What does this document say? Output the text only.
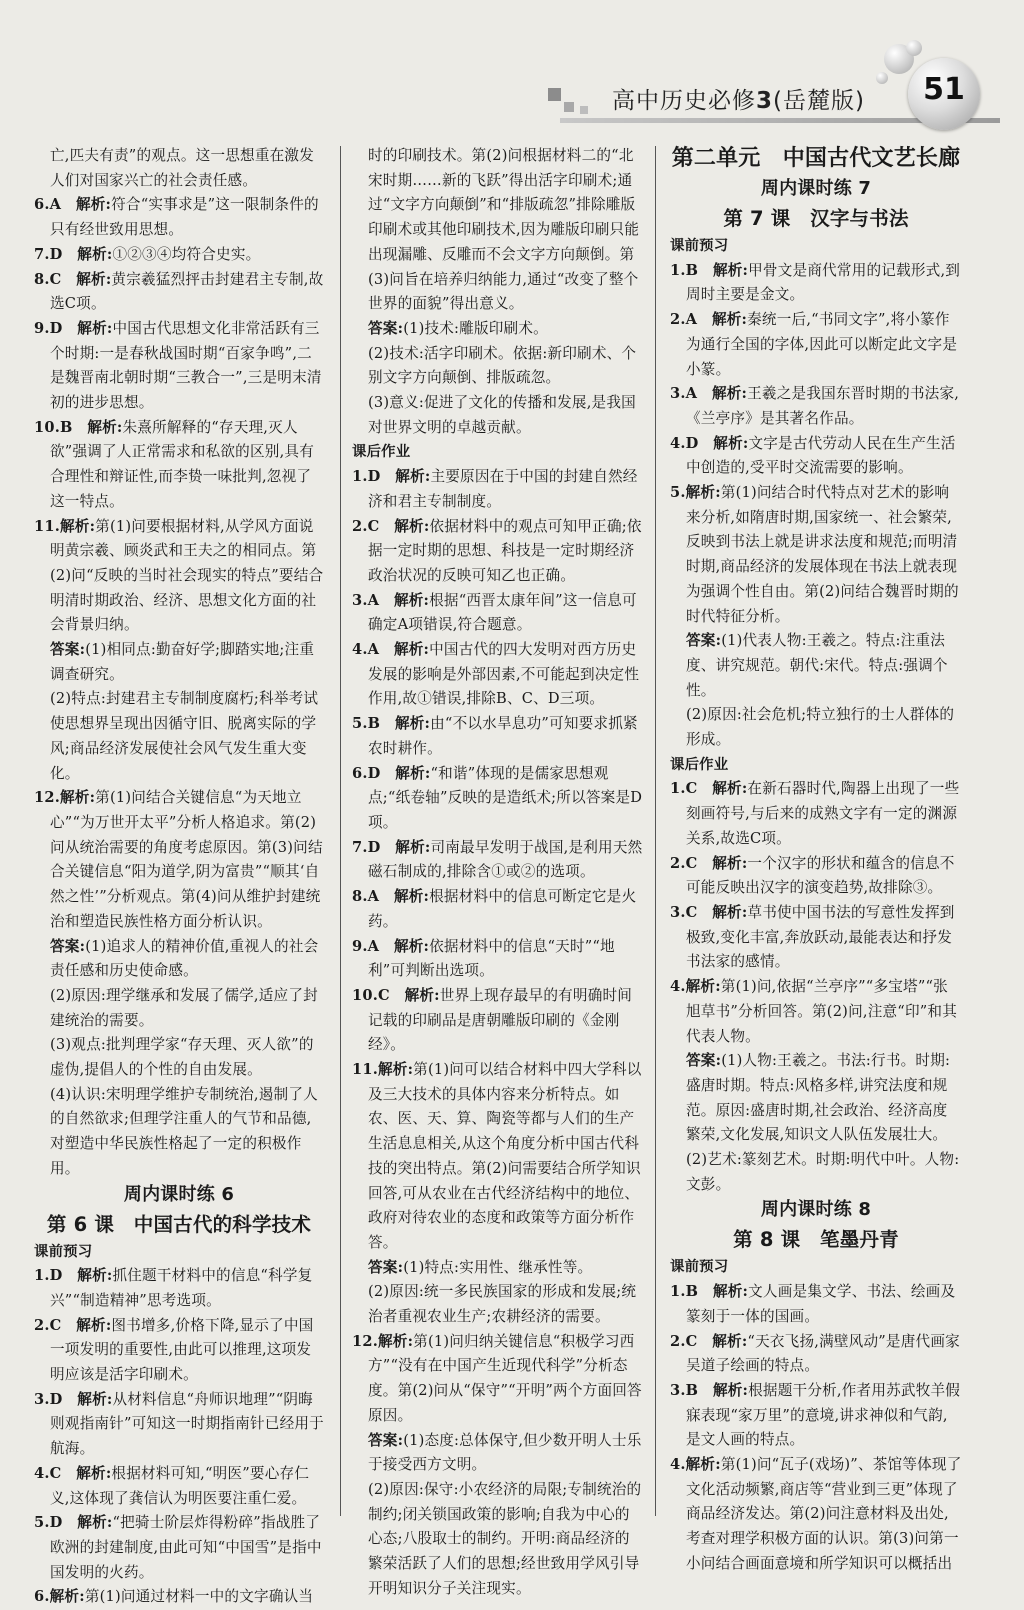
高中历史必修3(岳麓版)	51

亡,匹夫有责”的观点。这一思想重在激发人们对国家兴亡的社会责任感。

6.A　解析:符合“实事求是”这一限制条件的只有经世致用思想。

7.D　解析:①②③④均符合史实。

8.C　解析:黄宗羲猛烈抨击封建君主专制,故选C项。

9.D　解析:中国古代思想文化非常活跃有三个时期:一是春秋战国时期“百家争鸣”,二是魏晋南北朝时期“三教合一”,三是明末清初的进步思想。

10.B　解析:朱熹所解释的“存天理,灭人欲”强调了人正常需求和私欲的区别,具有合理性和辩证性,而李贽一味批判,忽视了这一特点。

11.解析:第(1)问要根据材料,从学风方面说明黄宗羲、顾炎武和王夫之的相同点。第(2)问“反映的当时社会现实的特点”要结合明清时期政治、经济、思想文化方面的社会背景归纳。

答案:(1)相同点:勤奋好学;脚踏实地;注重调查研究。

(2)特点:封建君主专制制度腐朽;科举考试使思想界呈现出因循守旧、脱离实际的学风;商品经济发展使社会风气发生重大变化。

12.解析:第(1)问结合关键信息“为天地立心”“为万世开太平”分析人格追求。第(2)问从统治需要的角度考虑原因。第(3)问结合关键信息“阳为道学,阴为富贵”“顺其‘自然之性’”分析观点。第(4)问从维护封建统治和塑造民族性格方面分析认识。

答案:(1)追求人的精神价值,重视人的社会责任感和历史使命感。

(2)原因:理学继承和发展了儒学,适应了封建统治的需要。

(3)观点:批判理学家“存天理、灭人欲”的虚伪,提倡人的个性的自由发展。

(4)认识:宋明理学维护专制统治,遏制了人的自然欲求;但理学注重人的气节和品德,对塑造中华民族性格起了一定的积极作用。

周内课时练 6

第 6 课　中国古代的科学技术

课前预习

1.D　解析:抓住题干材料中的信息“科学复兴”“制造精神”思考选项。

2.C　解析:图书增多,价格下降,显示了中国一项发明的重要性,由此可以推理,这项发明应该是活字印刷术。

3.D　解析:从材料信息“舟师识地理”“阴晦则观指南针”可知这一时期指南针已经用于航海。

4.C　解析:根据材料可知,“明医”要心存仁义,这体现了龚信认为明医要注重仁爱。

5.D　解析:“把骑士阶层炸得粉碎”指战胜了欧洲的封建制度,由此可知“中国雪”是指中国发明的火药。

6.解析:第(1)问通过材料一中的文字确认当

时的印刷技术。第(2)问根据材料二的“北宋时期……新的飞跃”得出活字印刷术;通过“文字方向颠倒”和“排版疏忽”排除雕版印刷术或其他印刷技术,因为雕版印刷只能出现漏雕、反雕而不会文字方向颠倒。第(3)问旨在培养归纳能力,通过“改变了整个世界的面貌”得出意义。

答案:(1)技术:雕版印刷术。

(2)技术:活字印刷术。依据:新印刷术、个别文字方向颠倒、排版疏忽。

(3)意义:促进了文化的传播和发展,是我国对世界文明的卓越贡献。

课后作业

1.D　解析:主要原因在于中国的封建自然经济和君主专制制度。

2.C　解析:依据材料中的观点可知甲正确;依据一定时期的思想、科技是一定时期经济政治状况的反映可知乙也正确。

3.A　解析:根据“西晋太康年间”这一信息可确定A项错误,符合题意。

4.A　解析:中国古代的四大发明对西方历史发展的影响是外部因素,不可能起到决定性作用,故①错误,排除B、C、D三项。

5.B　解析:由“不以水旱息功”可知要求抓紧农时耕作。

6.D　解析:“和谐”体现的是儒家思想观点;“纸卷轴”反映的是造纸术;所以答案是D项。

7.D　解析:司南最早发明于战国,是利用天然磁石制成的,排除含①或②的选项。

8.A　解析:根据材料中的信息可断定它是火药。

9.A　解析:依据材料中的信息“天时”“地利”可判断出选项。

10.C　解析:世界上现存最早的有明确时间记载的印刷品是唐朝雕版印刷的《金刚经》。

11.解析:第(1)问可以结合材料中四大学科以及三大技术的具体内容来分析特点。如农、医、天、算、陶瓷等都与人们的生产生活息息相关,从这个角度分析中国古代科技的突出特点。第(2)问需要结合所学知识回答,可从农业在古代经济结构中的地位、政府对待农业的态度和政策等方面分析作答。

答案:(1)特点:实用性、继承性等。

(2)原因:统一多民族国家的形成和发展;统治者重视农业生产;农耕经济的需要。

12.解析:第(1)问归纳关键信息“积极学习西方”“没有在中国产生近现代科学”分析态度。第(2)问从“保守”“开明”两个方面回答原因。

答案:(1)态度:总体保守,但少数开明人士乐于接受西方文明。

(2)原因:保守:小农经济的局限;专制统治的制约;闭关锁国政策的影响;自我为中心的心态;八股取士的制约。开明:商品经济的繁荣活跃了人们的思想;经世致用学风引导开明知识分子关注现实。

第二单元　中国古代文艺长廊

周内课时练 7

第 7 课　汉字与书法

课前预习

1.B　解析:甲骨文是商代常用的记载形式,到周时主要是金文。

2.A　解析:秦统一后,“书同文字”,将小篆作为通行全国的字体,因此可以断定此文字是小篆。

3.A　解析:王羲之是我国东晋时期的书法家,《兰亭序》是其著名作品。

4.D　解析:文字是古代劳动人民在生产生活中创造的,受平时交流需要的影响。

5.解析:第(1)问结合时代特点对艺术的影响来分析,如隋唐时期,国家统一、社会繁荣,反映到书法上就是讲求法度和规范;而明清时期,商品经济的发展体现在书法上就表现为强调个性自由。第(2)问结合魏晋时期的时代特征分析。

答案:(1)代表人物:王羲之。特点:注重法度、讲究规范。朝代:宋代。特点:强调个性。

(2)原因:社会危机;特立独行的士人群体的形成。

课后作业

1.C　解析:在新石器时代,陶器上出现了一些刻画符号,与后来的成熟文字有一定的渊源关系,故选C项。

2.C　解析:一个汉字的形状和蕴含的信息不可能反映出汉字的演变趋势,故排除③。

3.C　解析:草书使中国书法的写意性发挥到极致,变化丰富,奔放跃动,最能表达和抒发书法家的感情。

4.解析:第(1)问,依据“兰亭序”“多宝塔”“张旭草书”分析回答。第(2)问,注意“印”和其代表人物。

答案:(1)人物:王羲之。书法:行书。时期:盛唐时期。特点:风格多样,讲究法度和规范。原因:盛唐时期,社会政治、经济高度繁荣,文化发展,知识文人队伍发展壮大。

(2)艺术:篆刻艺术。时期:明代中叶。人物:文彭。

周内课时练 8

第 8 课　笔墨丹青

课前预习

1.B　解析:文人画是集文学、书法、绘画及篆刻于一体的国画。

2.C　解析:“天衣飞扬,满壁风动”是唐代画家吴道子绘画的特点。

3.B　解析:根据题干分析,作者用苏武牧羊假寐表现“家万里”的意境,讲求神似和气韵,是文人画的特点。

4.解析:第(1)问“瓦子(戏场)”、茶馆等体现了文化活动频繁,商店等“营业到三更”体现了商品经济发达。第(2)问注意材料及出处,考查对理学积极方面的认识。第(3)问第一小问结合画面意境和所学知识可以概括出
